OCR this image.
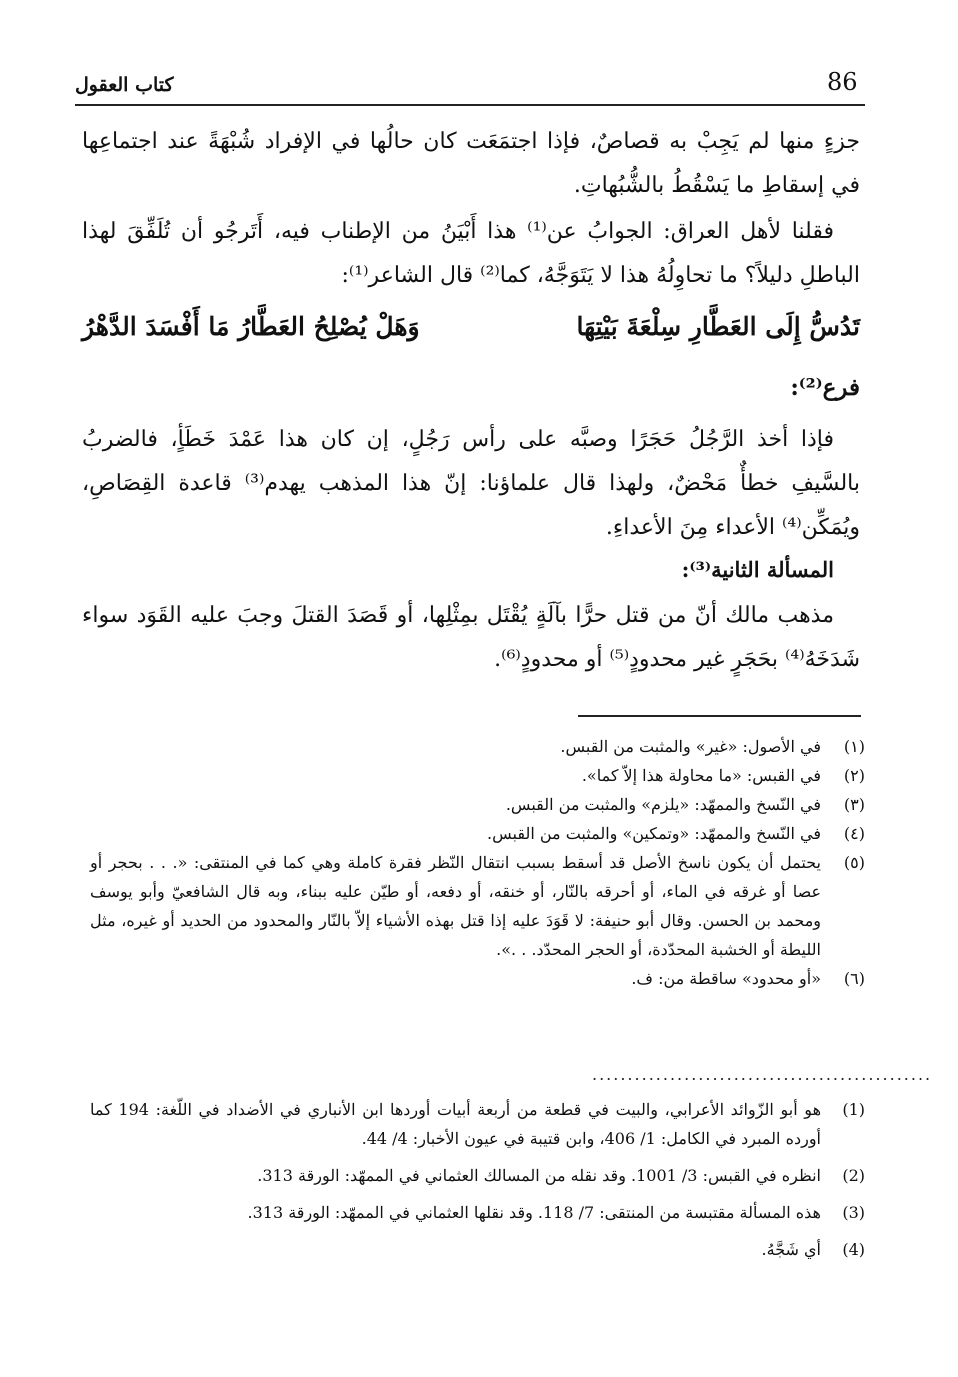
86
كتاب العقول

جزءٍ منها لم يَجِبْ به قصاصٌ، فإذا اجتمَعَت كان حالُها في الإفراد شُبْهَةً عند اجتماعِها في إسقاطِ ما يَسْقُطُ بالشُّبُهاتِ.

فقلنا لأهل العراق: الجوابُ عن⁽¹⁾ هذا أَبْيَنُ من الإطناب فيه، أَتَرجُو أن تُلَفِّقَ لهذا الباطلِ دليلاً؟ ما تحاوِلُهُ هذا لا يَتَوَجَّهُ، كما⁽²⁾ قال الشاعر⁽¹⁾:

تَدُسُّ إِلَى العَطَّارِ سِلْعَةَ بَيْتِهَا
وَهَلْ يُصْلِحُ العَطَّارُ مَا أَفْسَدَ الدَّهْرُ
فرع⁽²⁾:

فإذا أخذ الرَّجُلُ حَجَرًا وصبَّه على رأس رَجُلٍ، إن كان هذا عَمْدَ خَطَأٍ، فالضربُ بالسَّيفِ خطأٌ مَحْضٌ، ولهذا قال علماؤنا: إنّ هذا المذهب يهدم⁽³⁾ قاعدة القِصَاصِ، ويُمَكِّن⁽⁴⁾ الأعداء مِنَ الأعداءِ.

المسألة الثانية⁽³⁾:

مذهب مالك أنّ من قتل حرًّا بآلَةٍ يُقْتَل بمِثْلِها، أو قَصَدَ القتلَ وجبَ عليه القَوَد سواء شَدَخَهُ⁽⁴⁾ بحَجَرٍ غير محدودٍ⁽⁵⁾ أو محدودٍ⁽⁶⁾.

(١)
في الأصول: «غير» والمثبت من القبس.
(٢)
في القبس: «ما محاولة هذا إلاّ كما».
(٣)
في النّسخ والممهّد: «يلزم» والمثبت من القبس.
(٤)
في النّسخ والممهّد: «وتمكين» والمثبت من القبس.
(٥)
يحتمل أن يكون ناسخ الأصل قد أسقط بسبب انتقال النّظر فقرة كاملة وهي كما في المنتقى: «. . . بحجر أو عصا أو غرقه في الماء، أو أحرقه بالنّار، أو خنقه، أو دفعه، أو طيّن عليه ببناء، وبه قال الشافعيّ وأبو يوسف ومحمد بن الحسن. وقال أبو حنيفة: لا قَوَدَ عليه إذا قتل بهذه الأشياء إلاّ بالنّار والمحدود من الحديد أو غيره، مثل الليطة أو الخشبة المحدّدة، أو الحجر المحدّد. . .».
(٦)
«أو محدود» ساقطة من: ف.
................................................
(1)
هو أبو الزّوائد الأعرابي، والبيت في قطعة من أربعة أبيات أوردها ابن الأنباري في الأضداد في اللّغة: 194 كما أورده المبرد في الكامل: 1/ 406، وابن قتيبة في عيون الأخبار: 4/ 44.
(2)
انظره في القبس: 3/ 1001. وقد نقله من المسالك العثماني في الممهّد: الورقة 313.
(3)
هذه المسألة مقتبسة من المنتقى: 7/ 118. وقد نقلها العثماني في الممهّد: الورقة 313.
(4)
أي شَجَّهُ.
